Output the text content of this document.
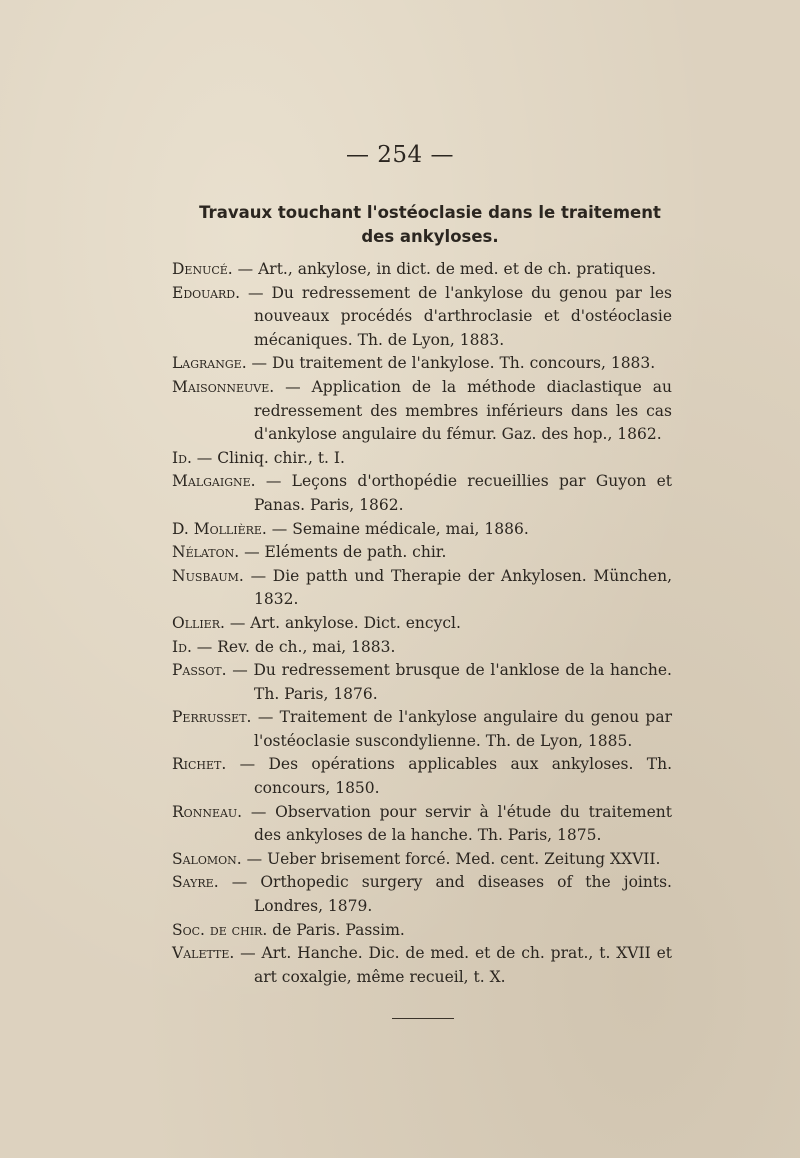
— 254 —
Travaux touchant l'ostéoclasie dans le traitement
des ankyloses.
Denucé. — Art., ankylose, in dict. de med. et de ch. pratiques.
Edouard. — Du redressement de l'ankylose du genou par les nouveaux procédés d'arthroclasie et d'ostéoclasie mécaniques. Th. de Lyon, 1883.
Lagrange. — Du traitement de l'ankylose. Th. concours, 1883.
Maisonneuve. — Application de la méthode diaclastique au redressement des membres inférieurs dans les cas d'ankylose angulaire du fémur. Gaz. des hop., 1862.
Id. — Cliniq. chir., t. I.
Malgaigne. — Leçons d'orthopédie recueillies par Guyon et Panas. Paris, 1862.
D. Mollière. — Semaine médicale, mai, 1886.
Nélaton. — Eléments de path. chir.
Nusbaum. — Die patth und Therapie der Ankylosen. München, 1832.
Ollier. — Art. ankylose. Dict. encycl.
Id. — Rev. de ch., mai, 1883.
Passot. — Du redressement brusque de l'anklose de la hanche. Th. Paris, 1876.
Perrusset. — Traitement de l'ankylose angulaire du genou par l'ostéoclasie suscondylienne. Th. de Lyon, 1885.
Richet. — Des opérations applicables aux ankyloses. Th. concours, 1850.
Ronneau. — Observation pour servir à l'étude du traitement des ankyloses de la hanche. Th. Paris, 1875.
Salomon. — Ueber brisement forcé. Med. cent. Zeitung XXVII.
Sayre. — Orthopedic surgery and diseases of the joints. Londres, 1879.
Soc. de chir. de Paris. Passim.
Valette. — Art. Hanche. Dic. de med. et de ch. prat., t. XVII et art coxalgie, même recueil, t. X.
